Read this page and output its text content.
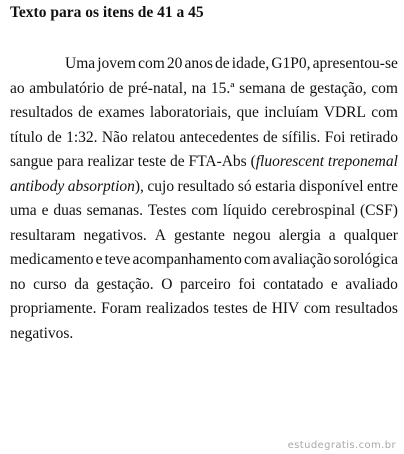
Texto para os itens de 41 a 45
Uma jovem com 20 anos de idade, G1P0, apresentou-se
ao ambulatório de pré-natal, na 15.ª semana de gestação, com
resultados de exames laboratoriais, que incluíam VDRL com
título de 1:32. Não relatou antecedentes de sífilis. Foi retirado
sangue para realizar teste de FTA-Abs (fluorescent treponemal
antibody absorption), cujo resultado só estaria disponível entre
uma e duas semanas. Testes com líquido cerebrospinal (CSF)
resultaram negativos. A gestante negou alergia a qualquer
medicamento e teve acompanhamento com avaliação sorológica
no curso da gestação. O parceiro foi contatado e avaliado
propriamente. Foram realizados testes de HIV com resultados
negativos.
estudegratis.com.br
